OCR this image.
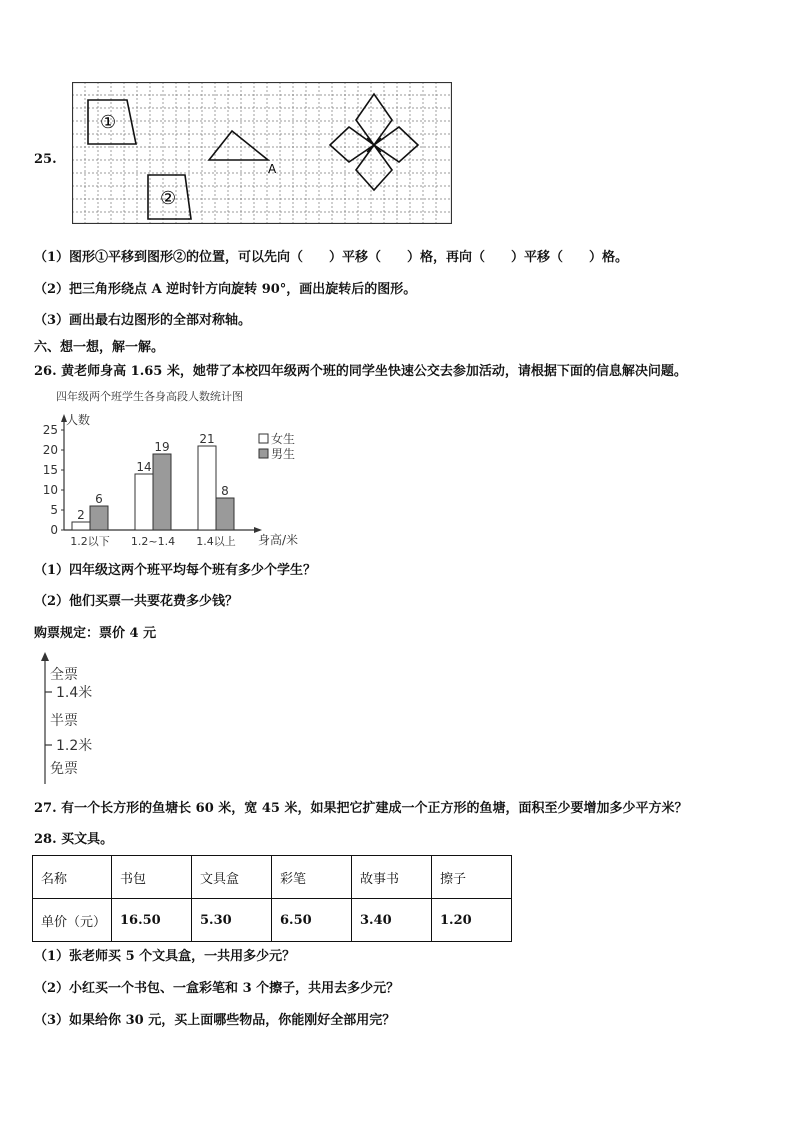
25.
①
A
②
（1）图形①平移到图形②的位置，可以先向（　　）平移（　　）格，再向（　　）平移（　　）格。
（2）把三角形绕点 A 逆时针方向旋转 90°，画出旋转后的图形。
（3）画出最右边图形的全部对称轴。
六、想一想，解一解。
26. 黄老师身高 1.65 米，她带了本校四年级两个班的同学坐快速公交去参加活动，请根据下面的信息解决问题。
四年级两个班学生各身高段人数统计图
人数
身高/米
0
5
10
15
20
25
2
6
1.2以下
14
19
1.2~1.4
21
8
1.4以上
女生
男生
（1）四年级这两个班平均每个班有多少个学生？
（2）他们买票一共要花费多少钱？
购票规定：票价 4 元
全票
1.4米
半票
1.2米
免票
27. 有一个长方形的鱼塘长 60 米，宽 45 米，如果把它扩建成一个正方形的鱼塘，面积至少要增加多少平方米？
28. 买文具。
名称	书包	文具盒	彩笔	故事书	擦子
单价（元）	16.50	5.30	6.50	3.40	1.20
（1）张老师买 5 个文具盒，一共用多少元？
（2）小红买一个书包、一盒彩笔和 3 个擦子，共用去多少元？
（3）如果给你 30 元，买上面哪些物品，你能刚好全部用完？
